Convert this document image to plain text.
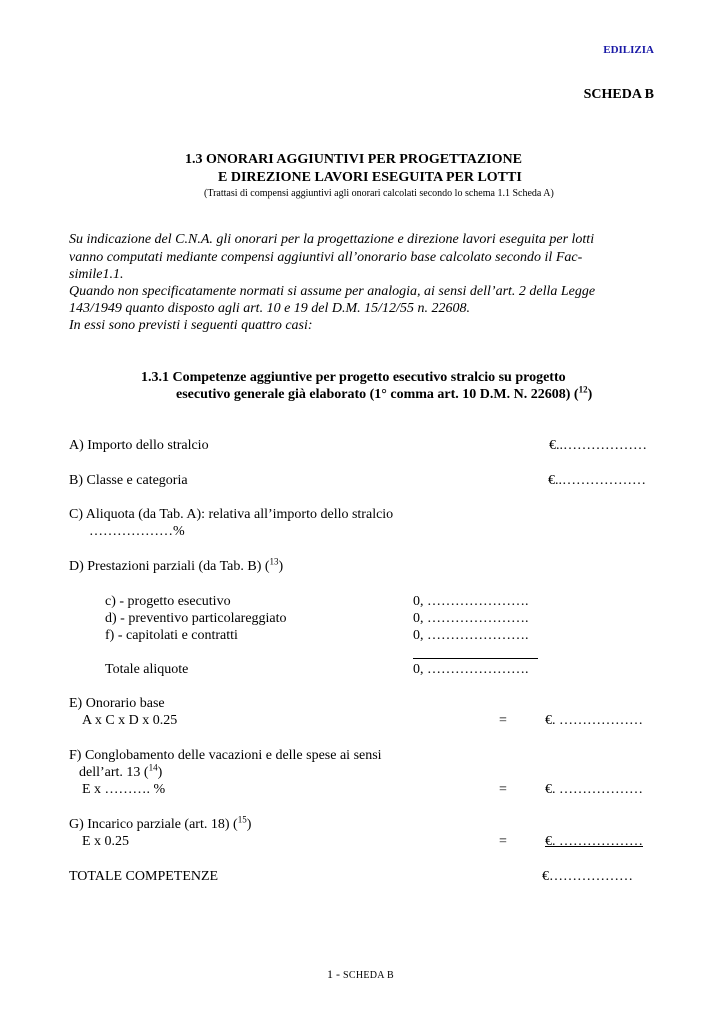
EDILIZIA
SCHEDA B
1.3 ONORARI AGGIUNTIVI PER PROGETTAZIONE
E DIREZIONE LAVORI ESEGUITA PER LOTTI
(Trattasi di compensi aggiuntivi agli onorari calcolati secondo lo schema 1.1 Scheda A)
Su indicazione del C.N.A. gli onorari per la progettazione e direzione lavori eseguita per lotti
vanno computati mediante compensi aggiuntivi all’onorario base calcolato secondo il Fac-
simile1.1.
Quando non specificatamente normati si assume per analogia, ai sensi dell’art. 2 della Legge
143/1949 quanto disposto agli art. 10 e 19 del D.M. 15/12/55 n. 22608.
In essi sono previsti i seguenti quattro casi:
1.3.1 Competenze aggiuntive per progetto esecutivo stralcio su progetto
esecutivo generale già elaborato (1° comma art. 10 D.M. N. 22608) ($^{12}$)
A) Importo dello stralcio	€..………………
B) Classe e categoria	€..………………
C) Aliquota (da Tab. A): relativa all’importo dello stralcio
………………%
D) Prestazioni parziali (da Tab. B) ($^{13}$)
c) - progetto esecutivo	0, ………………….
d) - preventivo particolareggiato	0, ………………….
f) - capitolati e contratti	0, ………………….
Totale aliquote	0, ………………….
E) Onorario base
A x C x D x 0.25	=	€. ………………
F) Conglobamento delle vacazioni e delle spese ai sensi
dell’art. 13 ($^{14}$)
E x ………. %	=	€. ………………
G) Incarico parziale (art. 18) ($^{15}$)
E x 0.25	=	€. ………………
TOTALE COMPETENZE	€………………
1 - SCHEDA B
